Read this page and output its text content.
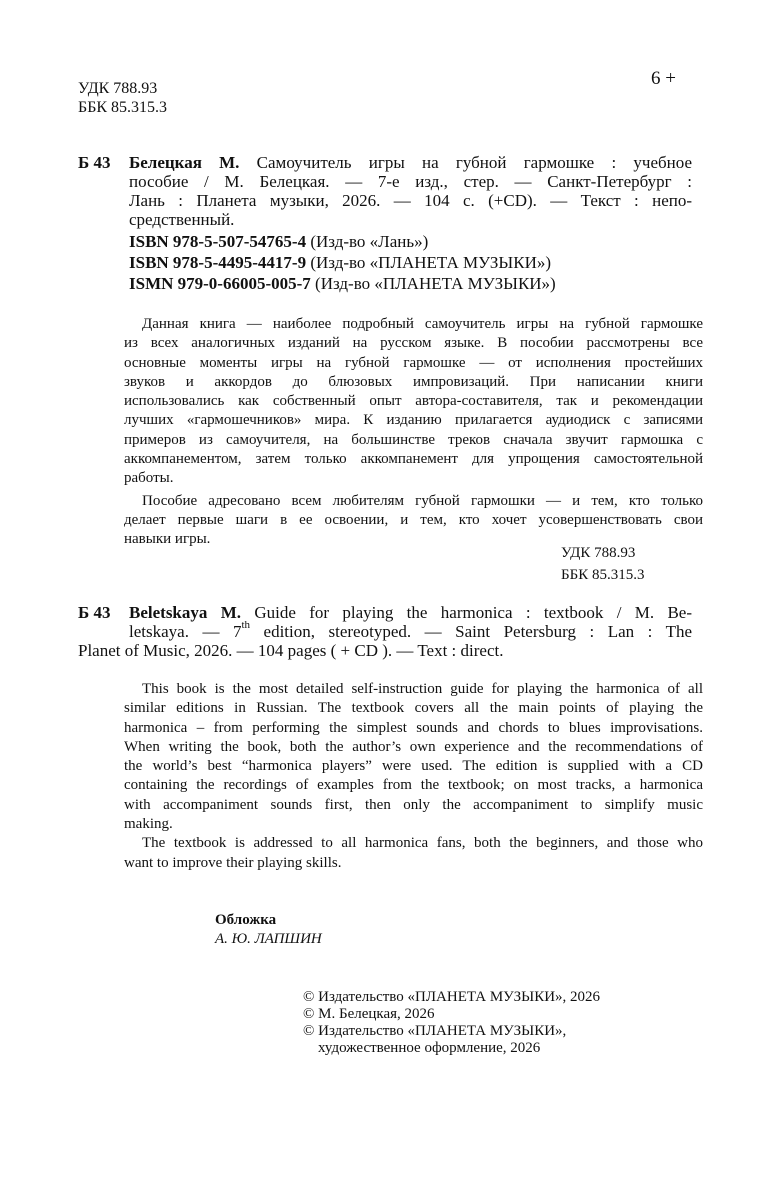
УДК 788.93
ББК 85.315.3
6 +
Б 43 Белецкая М. Самоучитель игры на губной гармошке : учебное
пособие / М. Белецкая. — 7-е изд., стер. — Санкт-Петербург :
Лань : Планета музыки, 2026. — 104 с. (+CD). — Текст : непо-
средственный.
ISBN 978-5-507-54765-4 (Изд-во «Лань»)
ISBN 978-5-4495-4417-9 (Изд-во «ПЛАНЕТА МУЗЫКИ»)
ISMN 979-0-66005-005-7 (Изд-во «ПЛАНЕТА МУЗЫКИ»)

Данная книга — наиболее подробный самоучитель игры на губной гармошке

из всех аналогичных изданий на русском языке. В пособии рассмотрены все
основные моменты игры на губной гармошке — от исполнения простейших
звуков и аккордов до блюзовых импровизаций. При написании книги
использовались как собственный опыт автора-составителя, так и рекомендации
лучших «гармошечников» мира. К изданию прилагается аудиодиск с записями
примеров из самоучителя, на большинстве треков сначала звучит гармошка с
аккомпанементом, затем только аккомпанемент для упрощения самостоятельной
работы.

Пособие адресовано всем любителям губной гармошки — и тем, кто только

делает первые шаги в ее освоении, и тем, кто хочет усовершенствовать свои
навыки игры.
УДК 788.93
ББК 85.315.3
Б 43 Beletskaya M. Guide for playing the harmonica : textbook / M. Be-
letskaya. — 7th edition, stereotyped. — Saint Petersburg : Lan : The
Planet of Music, 2026. — 104 pages ( + CD ). — Text : direct.

This book is the most detailed self-instruction guide for playing the harmonica of all

similar editions in Russian. The textbook covers all the main points of playing the
harmonica – from performing the simplest sounds and chords to blues improvisations.
When writing the book, both the author’s own experience and the recommendations of
the world’s best “harmonica players” were used. The edition is supplied with a CD
containing the recordings of examples from the textbook; on most tracks, a harmonica
with accompaniment sounds first, then only the accompaniment to simplify music
making.

The textbook is addressed to all harmonica fans, both the beginners, and those who

want to improve their playing skills.
Обложка
А. Ю. ЛАПШИН
© Издательство «ПЛАНЕТА МУЗЫКИ», 2026
© М. Белецкая, 2026
© Издательство «ПЛАНЕТА МУЗЫКИ»,
художественное оформление, 2026
